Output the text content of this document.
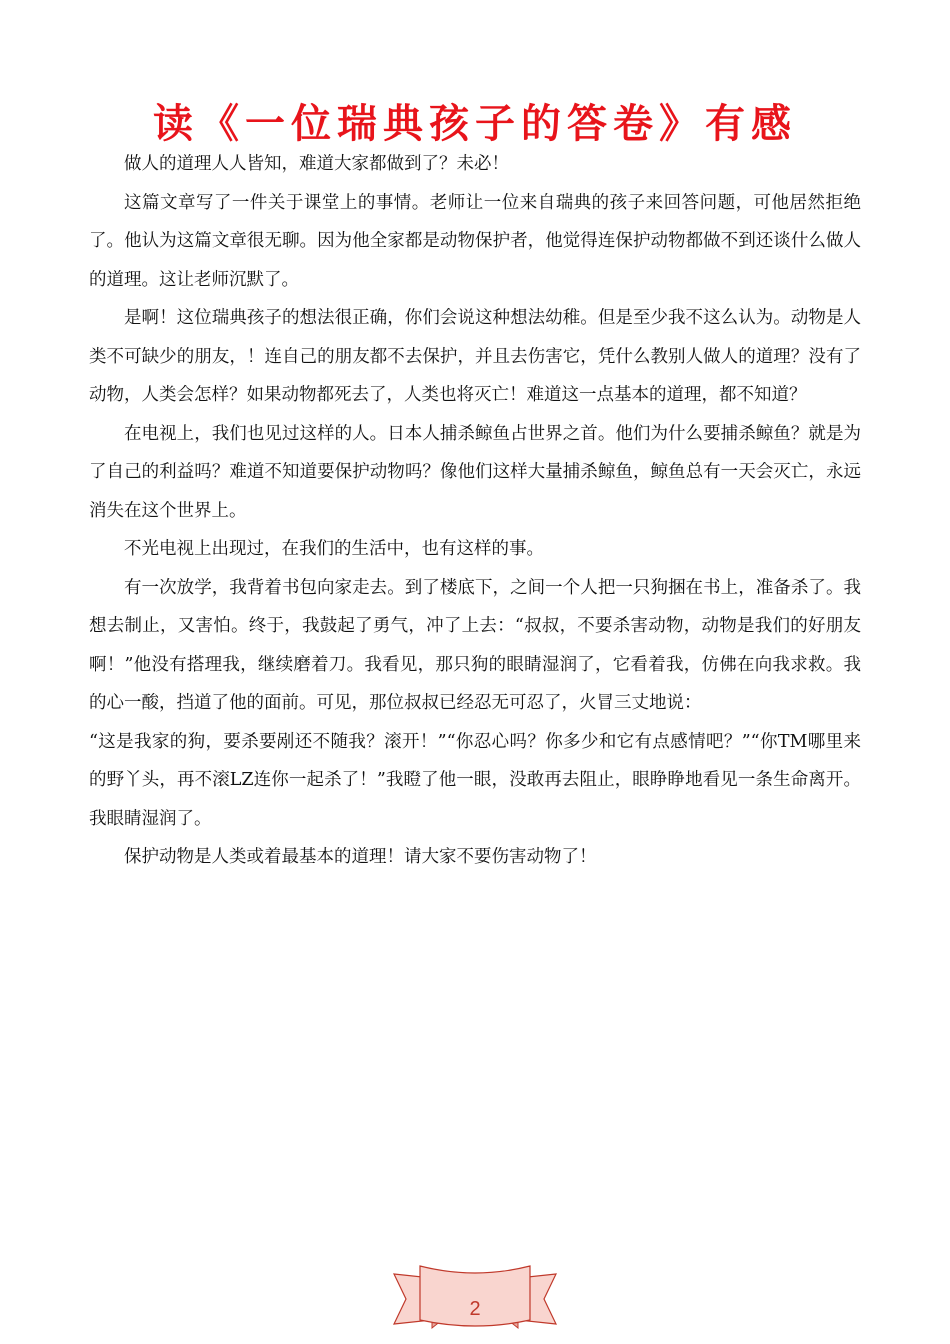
读《一位瑞典孩子的答卷》有感

做人的道理人人皆知，难道大家都做到了？未必！

这篇文章写了一件关于课堂上的事情。老师让一位来自瑞典的孩子来回答问题，可他居然拒绝了。他认为这篇文章很无聊。因为他全家都是动物保护者，他觉得连保护动物都做不到还谈什么做人的道理。这让老师沉默了。

是啊！这位瑞典孩子的想法很正确，你们会说这种想法幼稚。但是至少我不这么认为。动物是人类不可缺少的朋友，！连自己的朋友都不去保护，并且去伤害它，凭什么教别人做人的道理？没有了动物，人类会怎样？如果动物都死去了，人类也将灭亡！难道这一点基本的道理，都不知道？

在电视上，我们也见过这样的人。日本人捕杀鲸鱼占世界之首。他们为什么要捕杀鲸鱼？就是为了自己的利益吗？难道不知道要保护动物吗？像他们这样大量捕杀鲸鱼，鲸鱼总有一天会灭亡，永远消失在这个世界上。

不光电视上出现过，在我们的生活中，也有这样的事。

有一次放学，我背着书包向家走去。到了楼底下，之间一个人把一只狗捆在书上，准备杀了。我想去制止，又害怕。终于，我鼓起了勇气，冲了上去：“叔叔，不要杀害动物，动物是我们的好朋友啊！”他没有搭理我，继续磨着刀。我看见，那只狗的眼睛湿润了，它看着我，仿佛在向我求救。我的心一酸，挡道了他的面前。可见，那位叔叔已经忍无可忍了，火冒三丈地说：

“这是我家的狗，要杀要剐还不随我？滚开！”“你忍心吗？你多少和它有点感情吧？”“你TM哪里来的野丫头，再不滚LZ连你一起杀了！”我瞪了他一眼，没敢再去阻止，眼睁睁地看见一条生命离开。我眼睛湿润了。

保护动物是人类或着最基本的道理！请大家不要伤害动物了！

2
